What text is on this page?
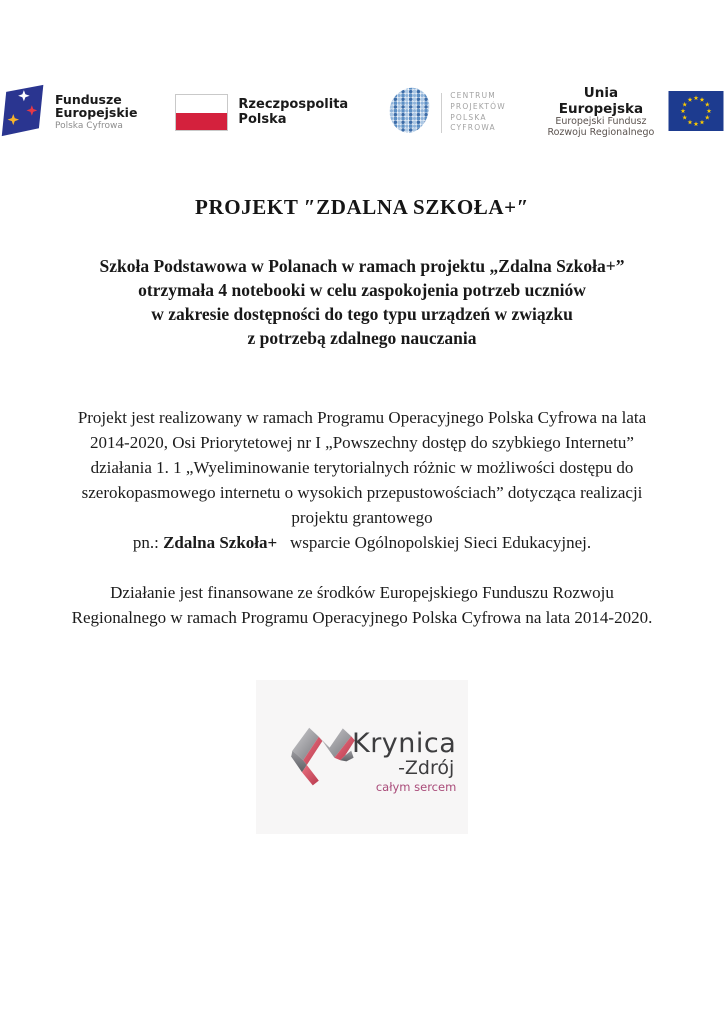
Fundusze
Europejskie
Polska Cyfrowa
Rzeczpospolita
Polska
CENTRUM
PROJEKTÓW
POLSKA
CYFROWA
Unia Europejska
Europejski Fundusz
Rozwoju Regionalnego
PROJEKT ″ZDALNA SZKOŁA+″
Szkoła Podstawowa w Polanach w ramach projektu „Zdalna Szkoła+”
otrzymała 4 notebooki w celu zaspokojenia potrzeb uczniów
w zakresie dostępności do tego typu urządzeń w związku
z potrzebą zdalnego nauczania
Projekt jest realizowany w ramach Programu Operacyjnego Polska Cyfrowa na lata
2014-2020, Osi Priorytetowej nr I „Powszechny dostęp do szybkiego Internetu”
działania 1. 1 „Wyeliminowanie terytorialnych różnic w możliwości dostępu do
szerokopasmowego internetu o wysokich przepustowościach” dotycząca realizacji
projektu grantowego
pn.: Zdalna Szkoła+   wsparcie Ogólnopolskiej Sieci Edukacyjnej.
Działanie jest finansowane ze środków Europejskiego Funduszu Rozwoju
Regionalnego w ramach Programu Operacyjnego Polska Cyfrowa na lata 2014-2020.
Krynica
-Zdrój
całym sercem
